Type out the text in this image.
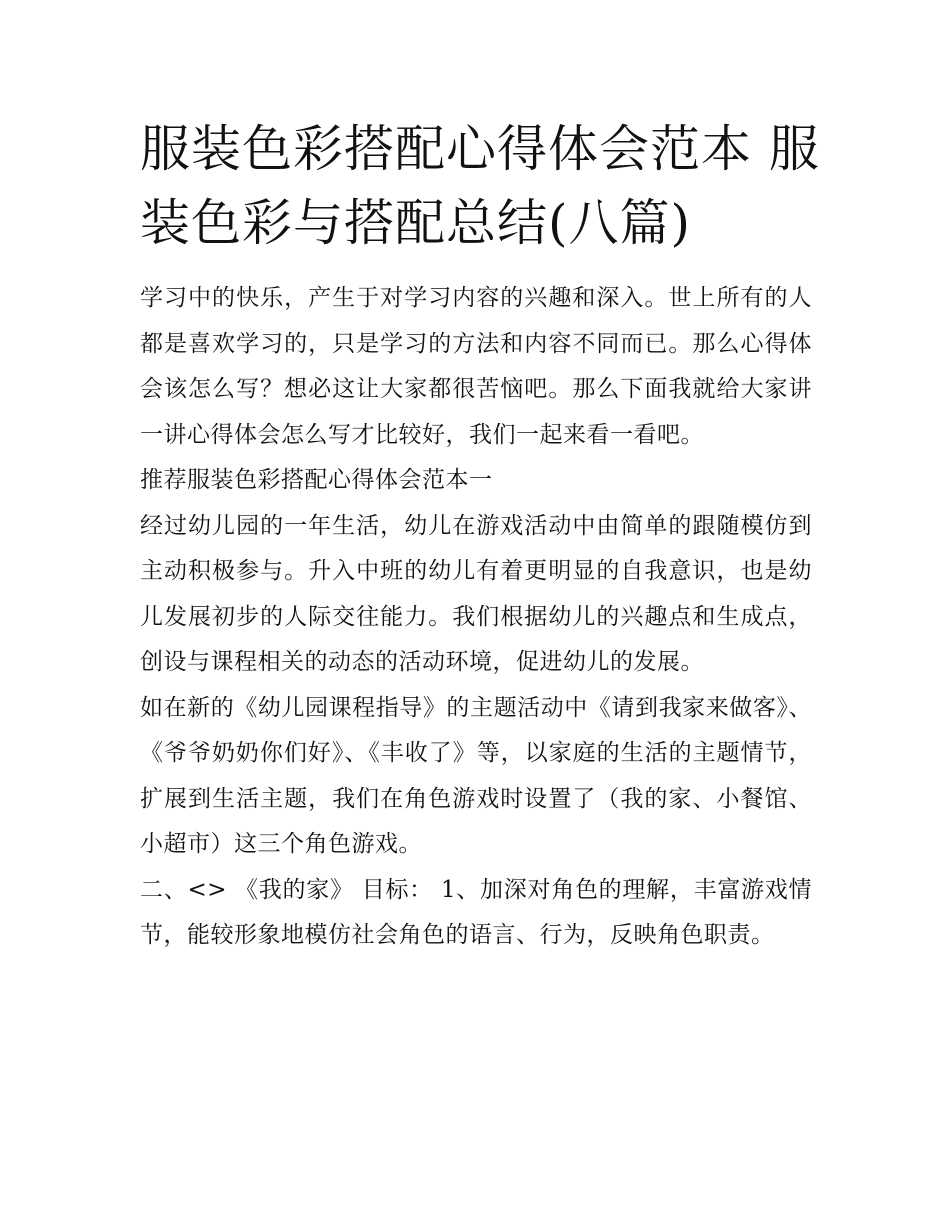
服装色彩搭配心得体会范本 服装色彩与搭配总结(八篇)

学习中的快乐，产生于对学习内容的兴趣和深入。世上所有的人都是喜欢学习的，只是学习的方法和内容不同而已。那么心得体会该怎么写？想必这让大家都很苦恼吧。那么下面我就给大家讲一讲心得体会怎么写才比较好，我们一起来看一看吧。

推荐服装色彩搭配心得体会范本一

经过幼儿园的一年生活，幼儿在游戏活动中由简单的跟随模仿到主动积极参与。升入中班的幼儿有着更明显的自我意识，也是幼儿发展初步的人际交往能力。我们根据幼儿的兴趣点和生成点，创设与课程相关的动态的活动环境，促进幼儿的发展。

如在新的《幼儿园课程指导》的主题活动中《请到我家来做客》、《爷爷奶奶你们好》、《丰收了》等，以家庭的生活的主题情节，扩展到生活主题，我们在角色游戏时设置了（我的家、小餐馆、小超市）这三个角色游戏。

二、<> 《我的家》 目标： 1、加深对角色的理解，丰富游戏情节，能较形象地模仿社会角色的语言、行为，反映角色职责。
